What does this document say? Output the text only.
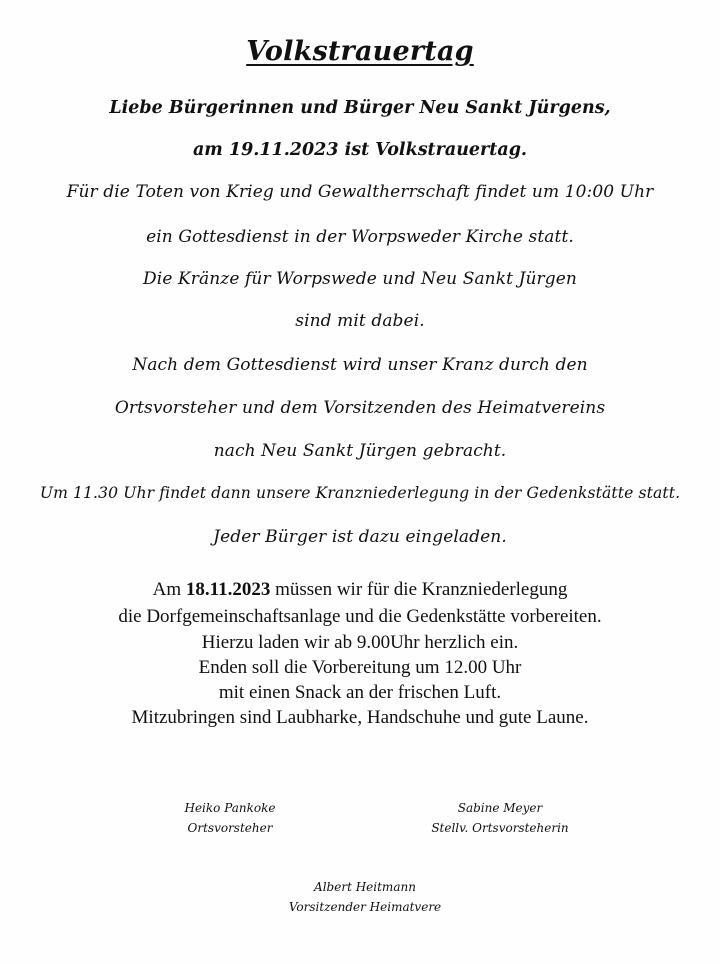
Volkstrauertag
Liebe Bürgerinnen und Bürger Neu Sankt Jürgens,
am 19.11.2023 ist Volkstrauertag.
Für die Toten von Krieg und Gewaltherrschaft findet um 10:00 Uhr
ein Gottesdienst in der Worpsweder Kirche statt.
Die Kränze für Worpswede und Neu Sankt Jürgen
sind mit dabei.
Nach dem Gottesdienst wird unser Kranz durch den
Ortsvorsteher und dem Vorsitzenden des Heimatvereins
nach Neu Sankt Jürgen gebracht.
Um 11.30 Uhr findet dann unsere Kranzniederlegung in der Gedenkstätte statt.
Jeder Bürger ist dazu eingeladen.
Am 18.11.2023 müssen wir für die Kranzniederlegung
die Dorfgemeinschaftsanlage und die Gedenkstätte vorbereiten.
Hierzu laden wir ab 9.00Uhr herzlich ein.
Enden soll die Vorbereitung um 12.00 Uhr
mit einen Snack an der frischen Luft.
Mitzubringen sind Laubharke, Handschuhe und gute Laune.
Heiko Pankoke
Ortsvorsteher
Sabine Meyer
Stellv. Ortsvorsteherin
Albert Heitmann
Vorsitzender Heimatvere
